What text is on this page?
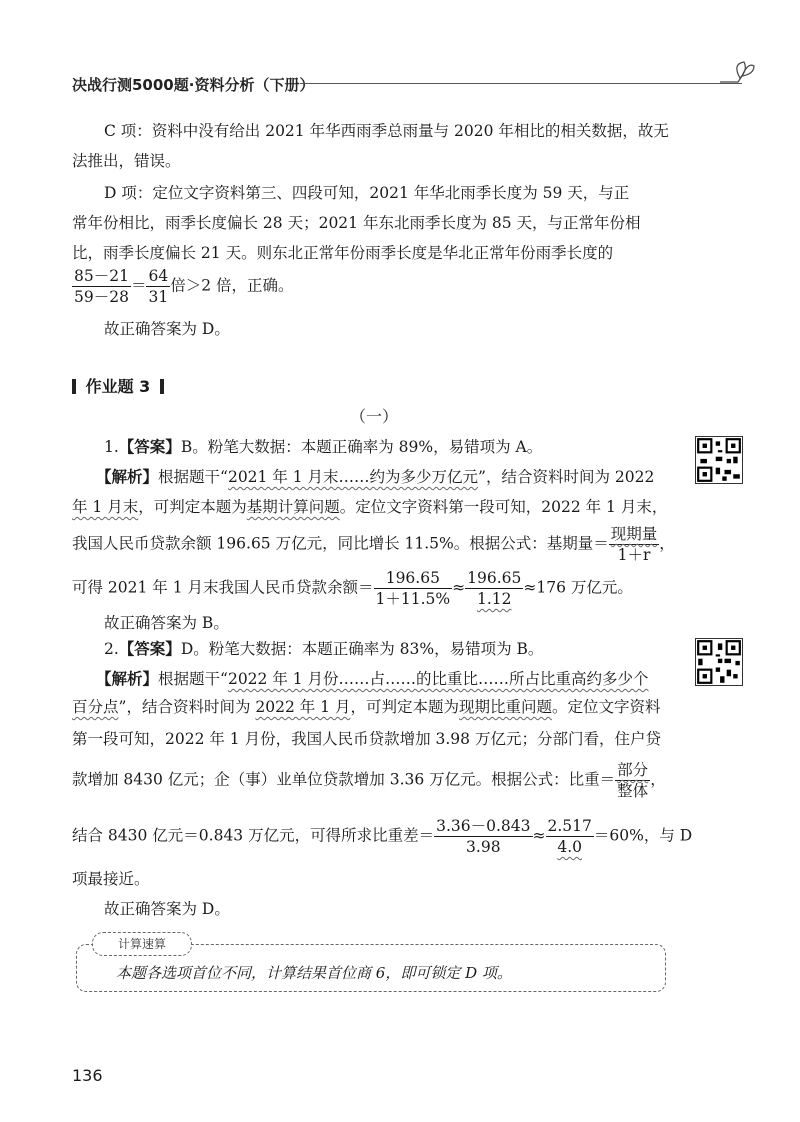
决战行测5000题·资料分析（下册）
C 项：资料中没有给出 2021 年华西雨季总雨量与 2020 年相比的相关数据，故无
法推出，错误。
D 项：定位文字资料第三、四段可知，2021 年华北雨季长度为 59 天，与正
常年份相比，雨季长度偏长 28 天；2021 年东北雨季长度为 85 天，与正常年份相
比，雨季长度偏长 21 天。则东北正常年份雨季长度是华北正常年份雨季长度的
$\frac{85-21}{59-28} = \frac{64}{31}$ 倍＞2 倍，正确。
故正确答案为 D。
作业题 3
（一）
1.【答案】B。粉笔大数据：本题正确率为 89%，易错项为 A。
【解析】根据题干“2021 年 1 月末……约为多少万亿元”，结合资料时间为 2022
年 1 月末，可判定本题为基期计算问题。定位文字资料第一段可知，2022 年 1 月末，
我国人民币贷款余额 196.65 万亿元，同比增长 11.5%。根据公式：基期量＝ $\frac{\text{现期量}}{1+r}$ ，
可得 2021 年 1 月末我国人民币贷款余额＝ $\frac{196.65}{1+11.5\%} \approx \frac{196.65}{1.12} \approx 176$ 万亿元。
故正确答案为 B。
2.【答案】D。粉笔大数据：本题正确率为 83%，易错项为 B。
【解析】根据题干“2022 年 1 月份……占……的比重比……所占比重高约多少个
百分点”，结合资料时间为 2022 年 1 月，可判定本题为现期比重问题。定位文字资料
第一段可知，2022 年 1 月份，我国人民币贷款增加 3.98 万亿元；分部门看，住户贷
款增加 8430 亿元；企（事）业单位贷款增加 3.36 万亿元。根据公式：比重＝ $\frac{\text{部分}}{\text{整体}}$ ，
结合 8430 亿元＝0.843 万亿元，可得所求比重差＝ $\frac{3.36-0.843}{3.98} \approx \frac{2.517}{4.0} =60\%$，与 D
项最接近。
故正确答案为 D。
计算速算
本题各选项首位不同，计算结果首位商 6，即可锁定 D 项。
136
